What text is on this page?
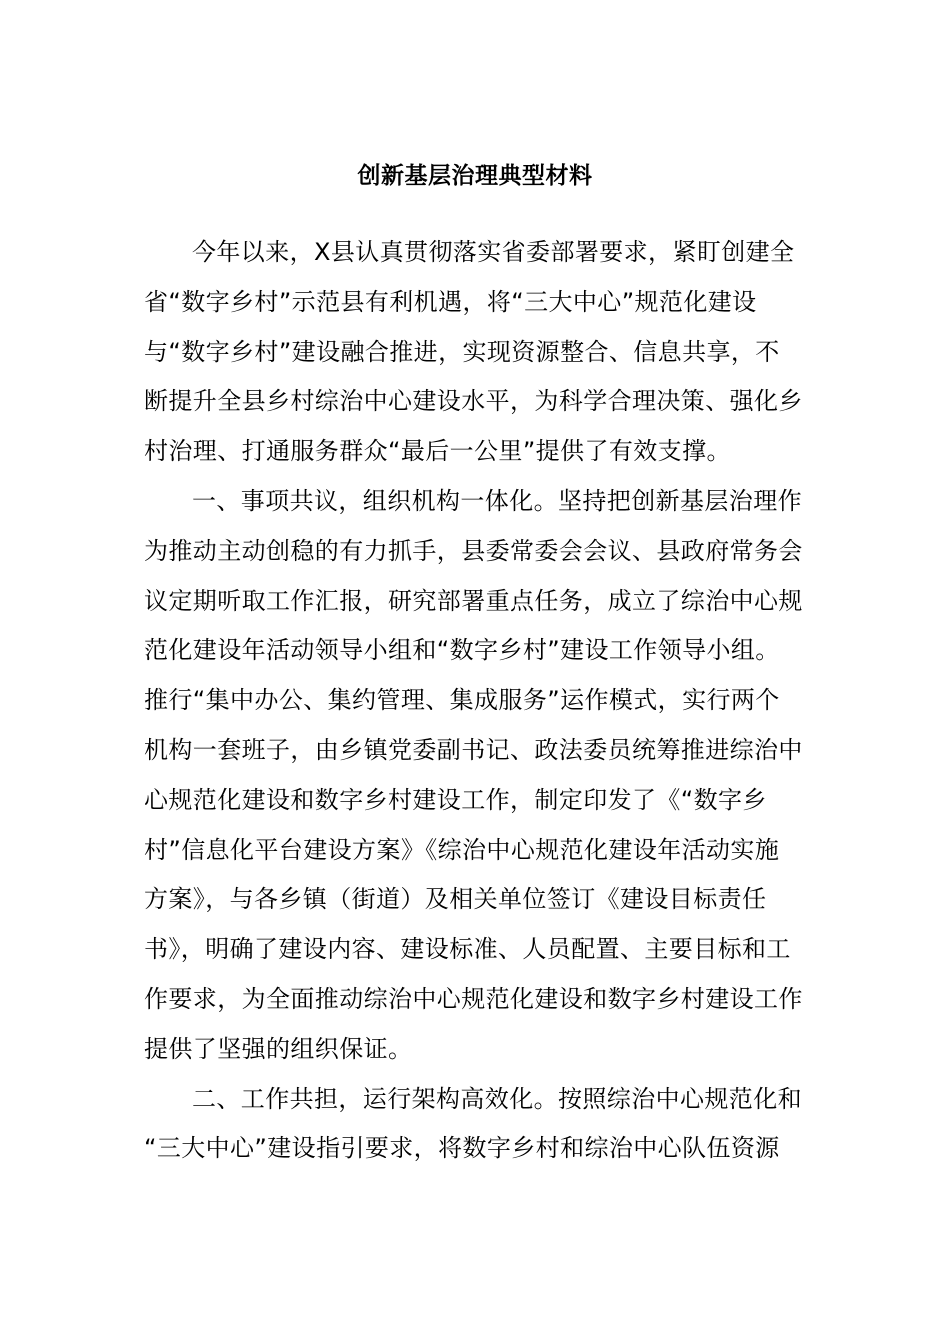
创新基层治理典型材料
今年以来，X县认真贯彻落实省委部署要求，紧盯创建全
省“数字乡村”示范县有利机遇，将“三大中心”规范化建设
与“数字乡村”建设融合推进，实现资源整合、信息共享，不
断提升全县乡村综治中心建设水平，为科学合理决策、强化乡
村治理、打通服务群众“最后一公里”提供了有效支撑。
一、事项共议，组织机构一体化。坚持把创新基层治理作
为推动主动创稳的有力抓手，县委常委会会议、县政府常务会
议定期听取工作汇报，研究部署重点任务，成立了综治中心规
范化建设年活动领导小组和“数字乡村”建设工作领导小组。
推行“集中办公、集约管理、集成服务”运作模式，实行两个
机构一套班子，由乡镇党委副书记、政法委员统筹推进综治中
心规范化建设和数字乡村建设工作，制定印发了《“数字乡
村”信息化平台建设方案》《综治中心规范化建设年活动实施
方案》，与各乡镇（街道）及相关单位签订《建设目标责任
书》，明确了建设内容、建设标准、人员配置、主要目标和工
作要求，为全面推动综治中心规范化建设和数字乡村建设工作
提供了坚强的组织保证。
二、工作共担，运行架构高效化。按照综治中心规范化和
“三大中心”建设指引要求，将数字乡村和综治中心队伍资源
